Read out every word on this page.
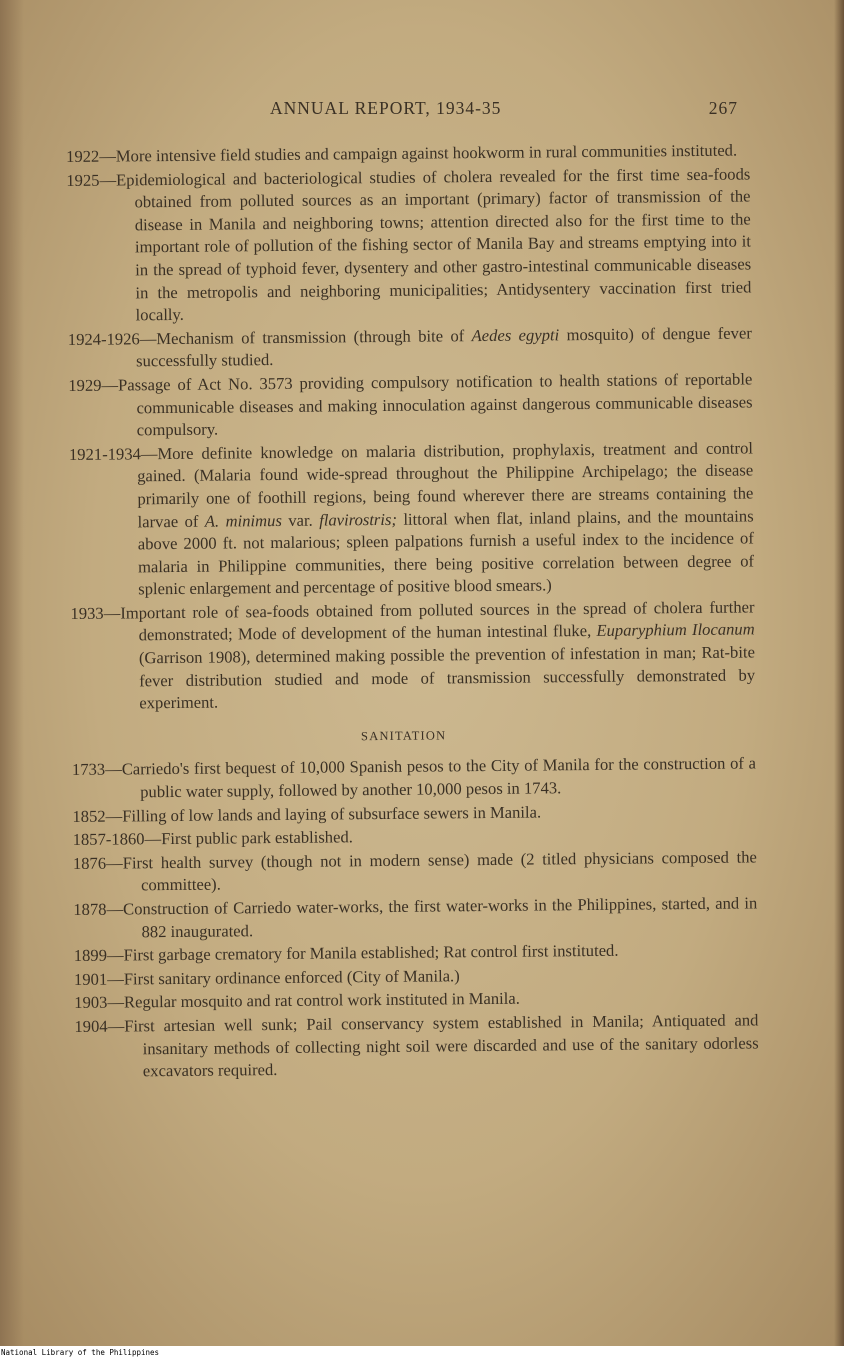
ANNUAL REPORT, 1934-35	267

1922—More intensive field studies and campaign against hookworm in rural communities instituted.

1925—Epidemiological and bacteriological studies of cholera revealed for the first time sea-foods obtained from polluted sources as an important (primary) factor of transmission of the disease in Manila and neighboring towns; attention directed also for the first time to the important role of pollution of the fishing sector of Manila Bay and streams emptying into it in the spread of typhoid fever, dysentery and other gastro-intestinal communicable diseases in the metropolis and neighboring municipalities; Antidysentery vaccination first tried locally.

1924-1926—Mechanism of transmission (through bite of Aedes egypti mosquito) of dengue fever successfully studied.

1929—Passage of Act No. 3573 providing compulsory notification to health stations of reportable communicable diseases and making innoculation against dangerous communicable diseases compulsory.

1921-1934—More definite knowledge on malaria distribution, prophylaxis, treatment and control gained. (Malaria found wide-spread throughout the Philippine Archipelago; the disease primarily one of foothill regions, being found wherever there are streams containing the larvae of A. minimus var. flavirostris; littoral when flat, inland plains, and the mountains above 2000 ft. not malarious; spleen palpations furnish a useful index to the incidence of malaria in Philippine communities, there being positive correlation between degree of splenic enlargement and percentage of positive blood smears.)

1933—Important role of sea-foods obtained from polluted sources in the spread of cholera further demonstrated; Mode of development of the human intestinal fluke, Euparyphium Ilocanum (Garrison 1908), determined making possible the prevention of infestation in man; Rat-bite fever distribution studied and mode of transmission successfully demonstrated by experiment.

SANITATION

1733—Carriedo's first bequest of 10,000 Spanish pesos to the City of Manila for the construction of a public water supply, followed by another 10,000 pesos in 1743.

1852—Filling of low lands and laying of subsurface sewers in Manila.

1857-1860—First public park established.

1876—First health survey (though not in modern sense) made (2 titled physicians composed the committee).

1878—Construction of Carriedo water-works, the first water-works in the Philippines, started, and in 882 inaugurated.

1899—First garbage crematory for Manila established; Rat control first instituted.

1901—First sanitary ordinance enforced (City of Manila.)

1903—Regular mosquito and rat control work instituted in Manila.

1904—First artesian well sunk; Pail conservancy system established in Manila; Antiquated and insanitary methods of collecting night soil were discarded and use of the sanitary odorless excavators required.

National Library of the Philippines
